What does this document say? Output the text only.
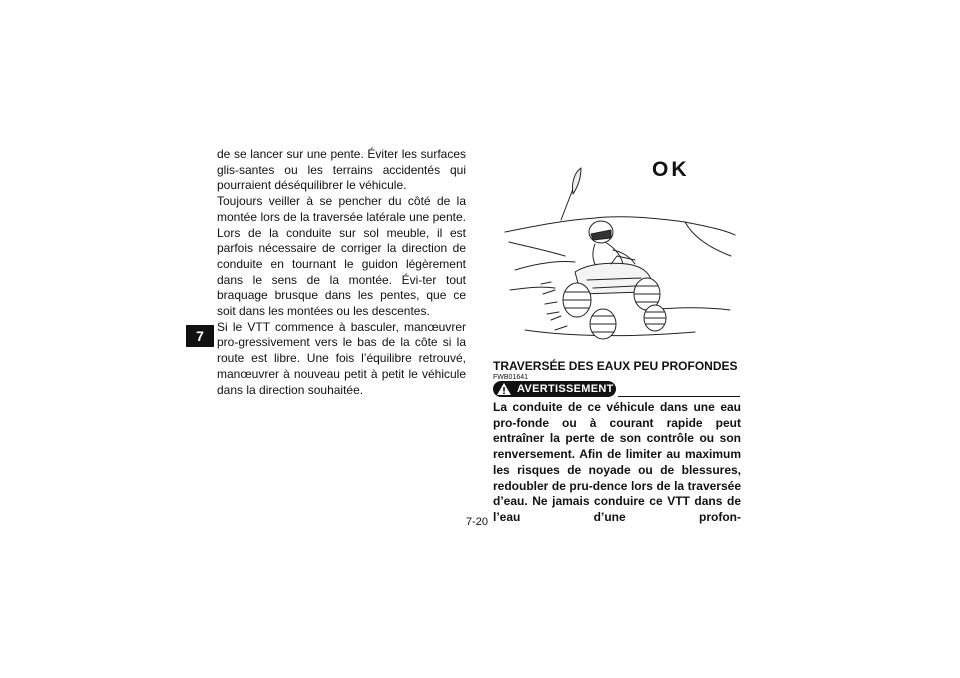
7

de se lancer sur une pente. Éviter les surfaces glis-santes ou les terrains accidentés qui pourraient déséquilibrer le véhicule.

Toujours veiller à se pencher du côté de la montée lors de la traversée latérale une pente. Lors de la conduite sur sol meuble, il est parfois nécessaire de corriger la direction de conduite en tournant le guidon légèrement dans le sens de la montée. Évi-ter tout braquage brusque dans les pentes, que ce soit dans les montées ou les descentes.

Si le VTT commence à basculer, manœuvrer pro-gressivement vers le bas de la côte si la route est libre. Une fois l’équilibre retrouvé, manœuvrer à nouveau petit à petit le véhicule dans la direction souhaitée.

OK
TRAVERSÉE DES EAUX PEU PROFONDES
FWB01641
AVERTISSEMENT
La conduite de ce véhicule dans une eau pro-fonde ou à courant rapide peut entraîner la perte de son contrôle ou son renversement. Afin de limiter au maximum les risques de noyade ou de blessures, redoubler de pru-dence lors de la traversée d’eau. Ne jamais conduire ce VTT dans de l’eau d’une profon-
7-20
